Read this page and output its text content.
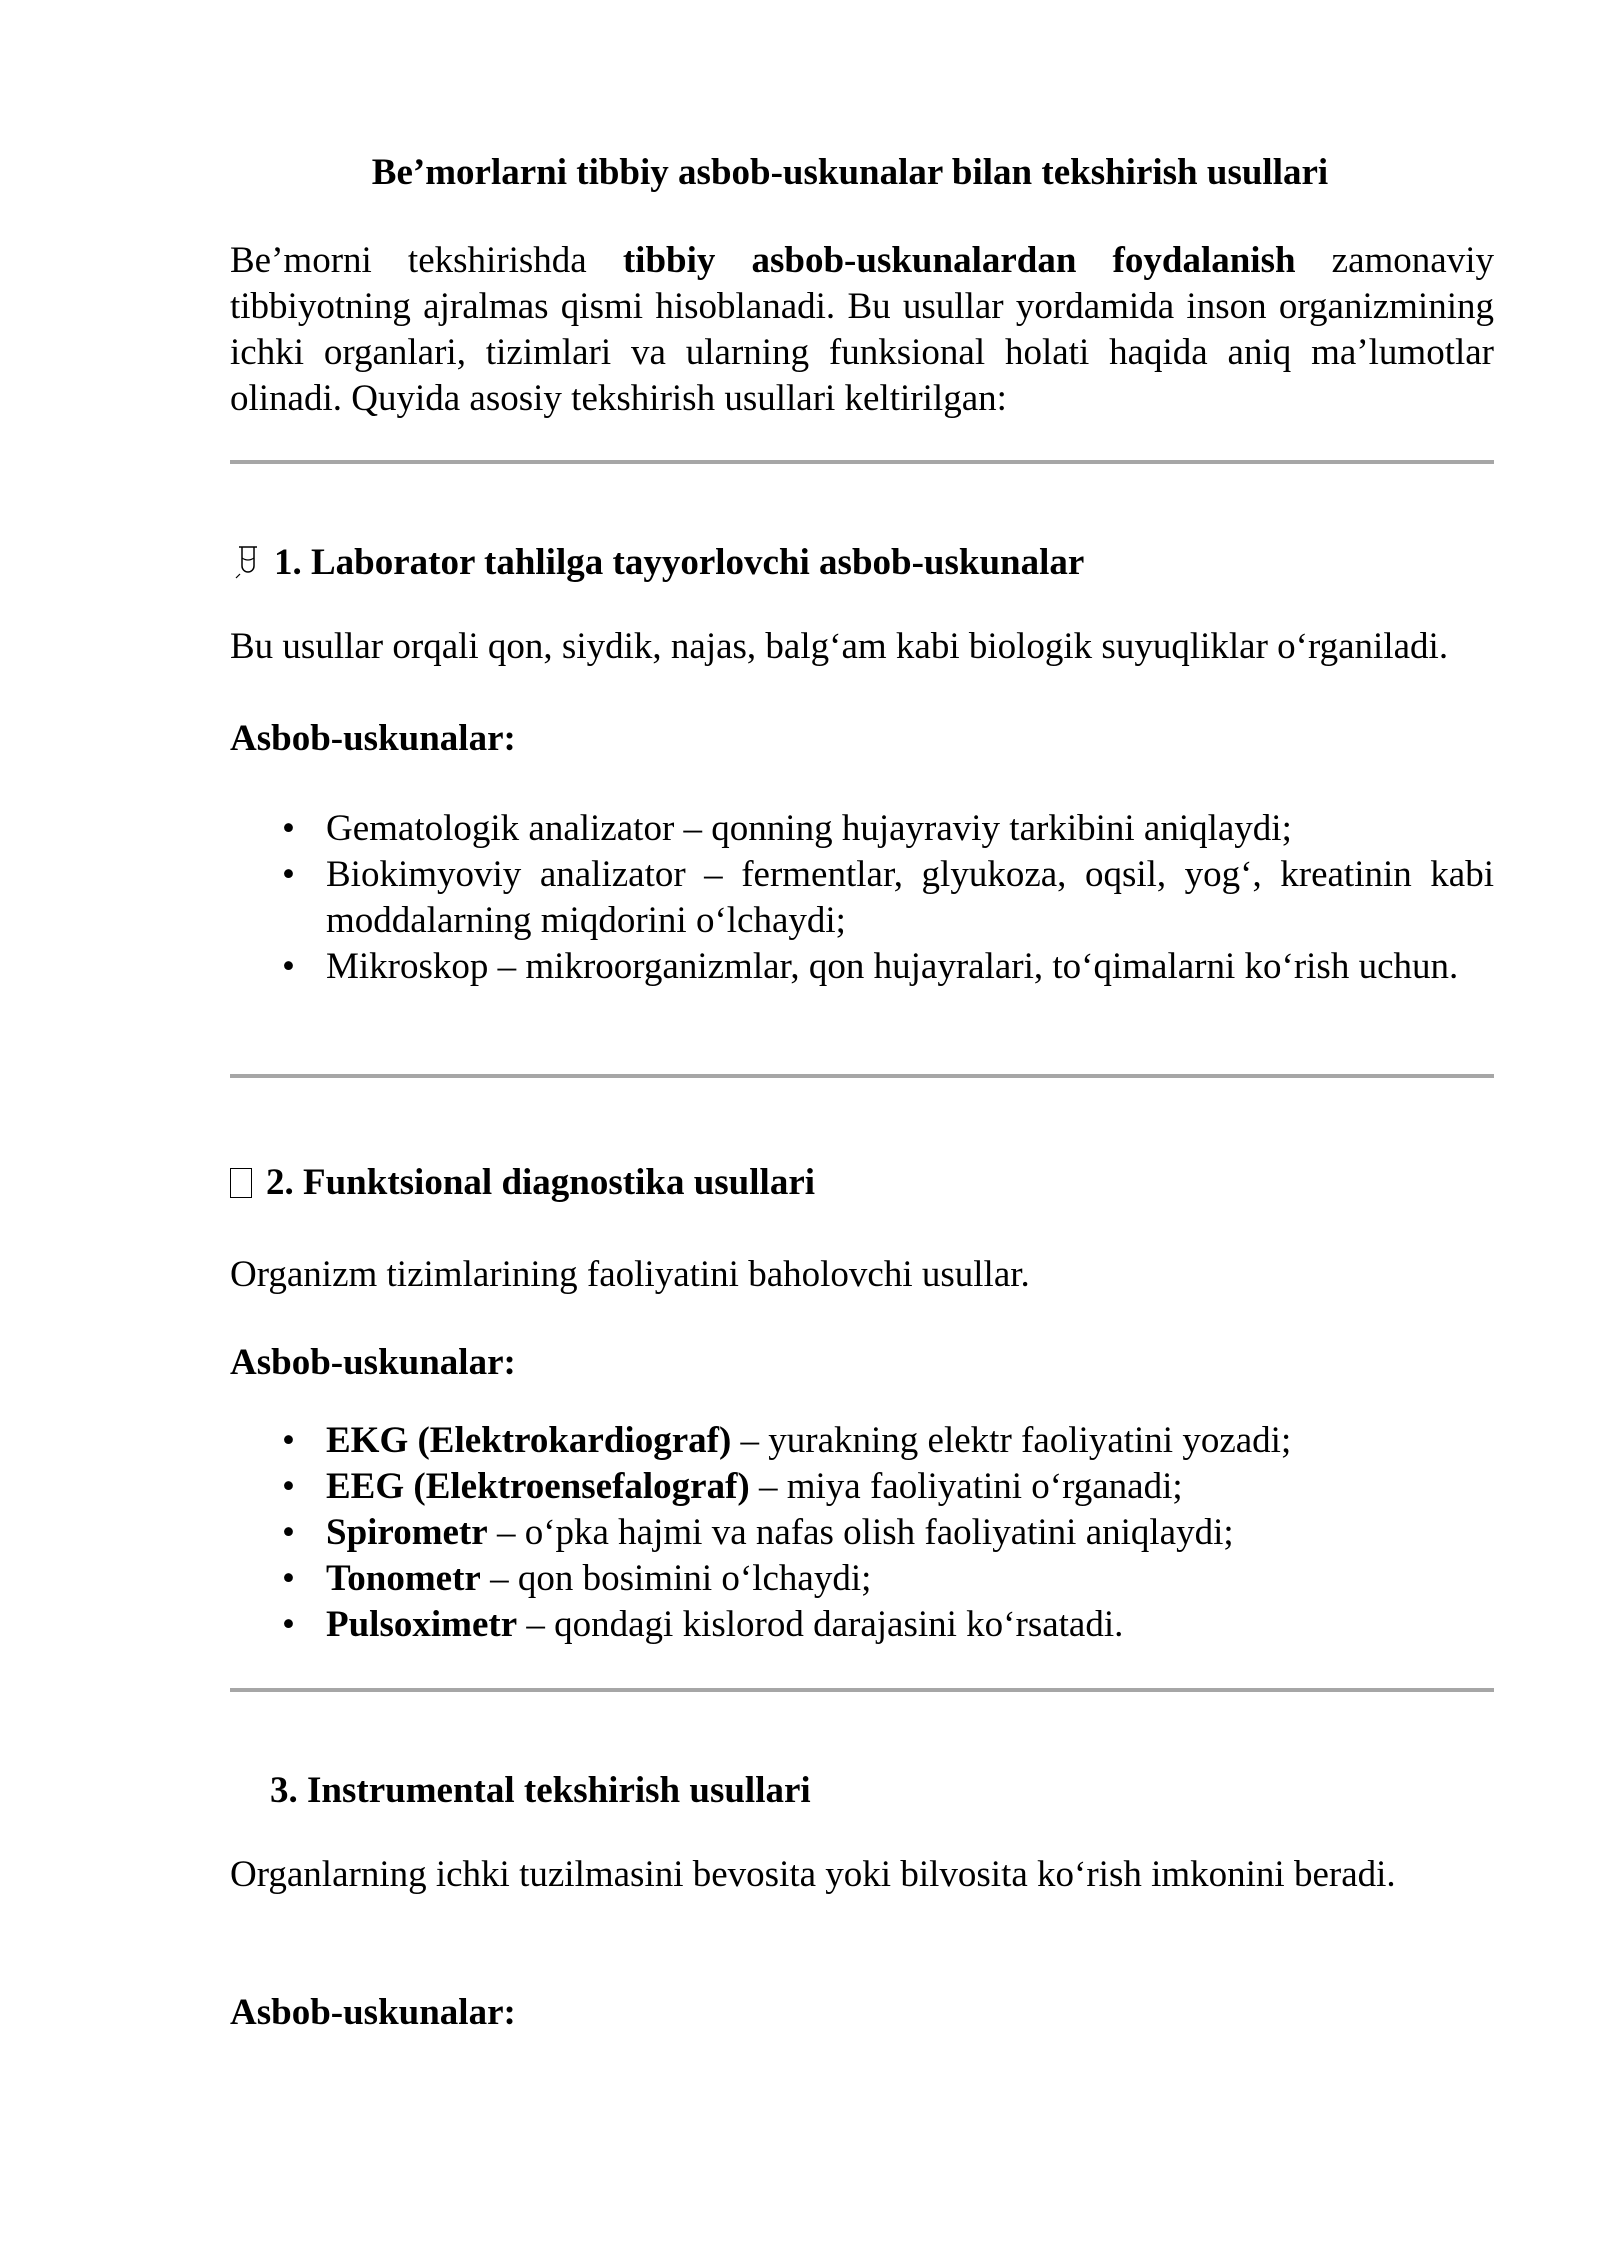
Be’morlarni tibbiy asbob-uskunalar bilan tekshirish usullari

Be’morni tekshirishda tibbiy asbob-uskunalardan foydalanish zamonaviy tibbiyotning ajralmas qismi hisoblanadi. Bu usullar yordamida inson organizmining ichki organlari, tizimlari va ularning funksional holati haqida aniq ma’lumotlar olinadi. Quyida asosiy tekshirish usullari keltirilgan:

1. Laborator tahlilga tayyorlovchi asbob-uskunalar

Bu usullar orqali qon, siydik, najas, balg‘am kabi biologik suyuqliklar o‘rganiladi.

Asbob-uskunalar:
• Gematologik analizator – qonning hujayraviy tarkibini aniqlaydi;
• Biokimyoviy analizator – fermentlar, glyukoza, oqsil, yog‘, kreatinin kabi moddalarning miqdorini o‘lchaydi;
• Mikroskop – mikroorganizmlar, qon hujayralari, to‘qimalarni ko‘rish uchun.
2. Funktsional diagnostika usullari

Organizm tizimlarining faoliyatini baholovchi usullar.

Asbob-uskunalar:
• EKG (Elektrokardiograf) – yurakning elektr faoliyatini yozadi;
• EEG (Elektroensefalograf) – miya faoliyatini o‘rganadi;
• Spirometr – o‘pka hajmi va nafas olish faoliyatini aniqlaydi;
• Tonometr – qon bosimini o‘lchaydi;
• Pulsoximetr – qondagi kislorod darajasini ko‘rsatadi.
3. Instrumental tekshirish usullari

Organlarning ichki tuzilmasini bevosita yoki bilvosita ko‘rish imkonini beradi.

Asbob-uskunalar:
